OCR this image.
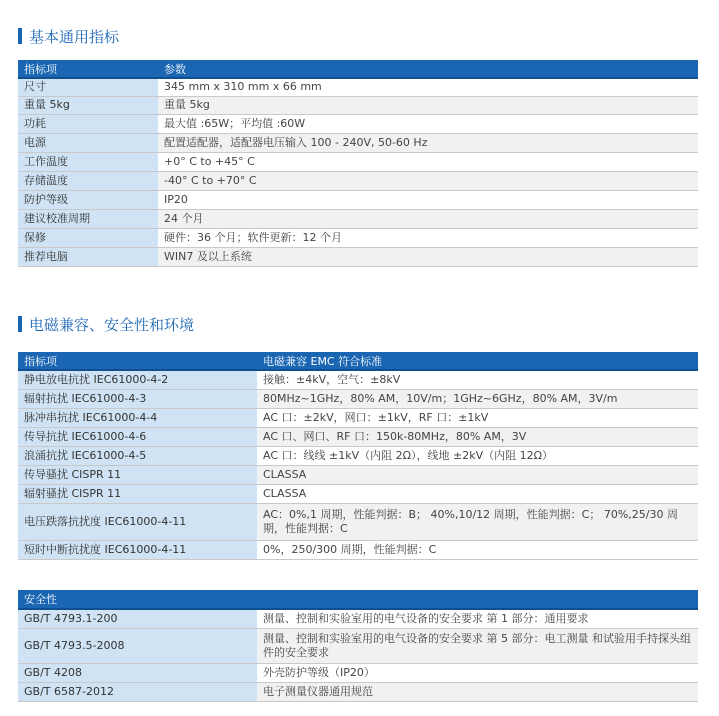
基本通用指标
指标项	参数
尺寸	345 mm x 310 mm x 66 mm
重量 5kg	重量 5kg
功耗	最大值 :65W；平均值 :60W
电源	配置适配器，适配器电压输入 100 - 240V, 50-60 Hz
工作温度	+0° C to +45° C
存储温度	-40° C to +70° C
防护等级	IP20
建议校准周期	24 个月
保修	硬件：36 个月；软件更新：12 个月
推荐电脑	WIN7 及以上系统
电磁兼容、安全性和环境
指标项	电磁兼容 EMC 符合标准
静电放电抗扰 IEC61000-4-2	接触：±4kV，空气：±8kV
辐射抗扰 IEC61000-4-3	80MHz~1GHz，80% AM，10V/m；1GHz~6GHz，80% AM，3V/m
脉冲串抗扰 IEC61000-4-4	AC 口：±2kV，网口：±1kV，RF 口：±1kV
传导抗扰 IEC61000-4-6	AC 口、网口、RF 口：150k-80MHz，80% AM，3V
浪涌抗扰 IEC61000-4-5	AC 口：线线 ±1kV（内阻 2Ω），线地 ±2kV（内阻 12Ω）
传导骚扰 CISPR 11	CLASSA
辐射骚扰 CISPR 11	CLASSA
电压跌落抗扰度 IEC61000-4-11	AC：0%,1 周期，性能判据：B； 40%,10/12 周期，性能判据：C； 70%,25/30 周期，性能判据：C
短时中断抗扰度 IEC61000-4-11	0%，250/300 周期，性能判据：C
安全性	
GB/T 4793.1-200	测量、控制和实验室用的电气设备的安全要求 第 1 部分：通用要求
GB/T 4793.5-2008	测量、控制和实验室用的电气设备的安全要求 第 5 部分：电工测量 和试验用手持探头组件的安全要求
GB/T 4208	外壳防护等级（IP20）
GB/T 6587-2012	电子测量仪器通用规范
